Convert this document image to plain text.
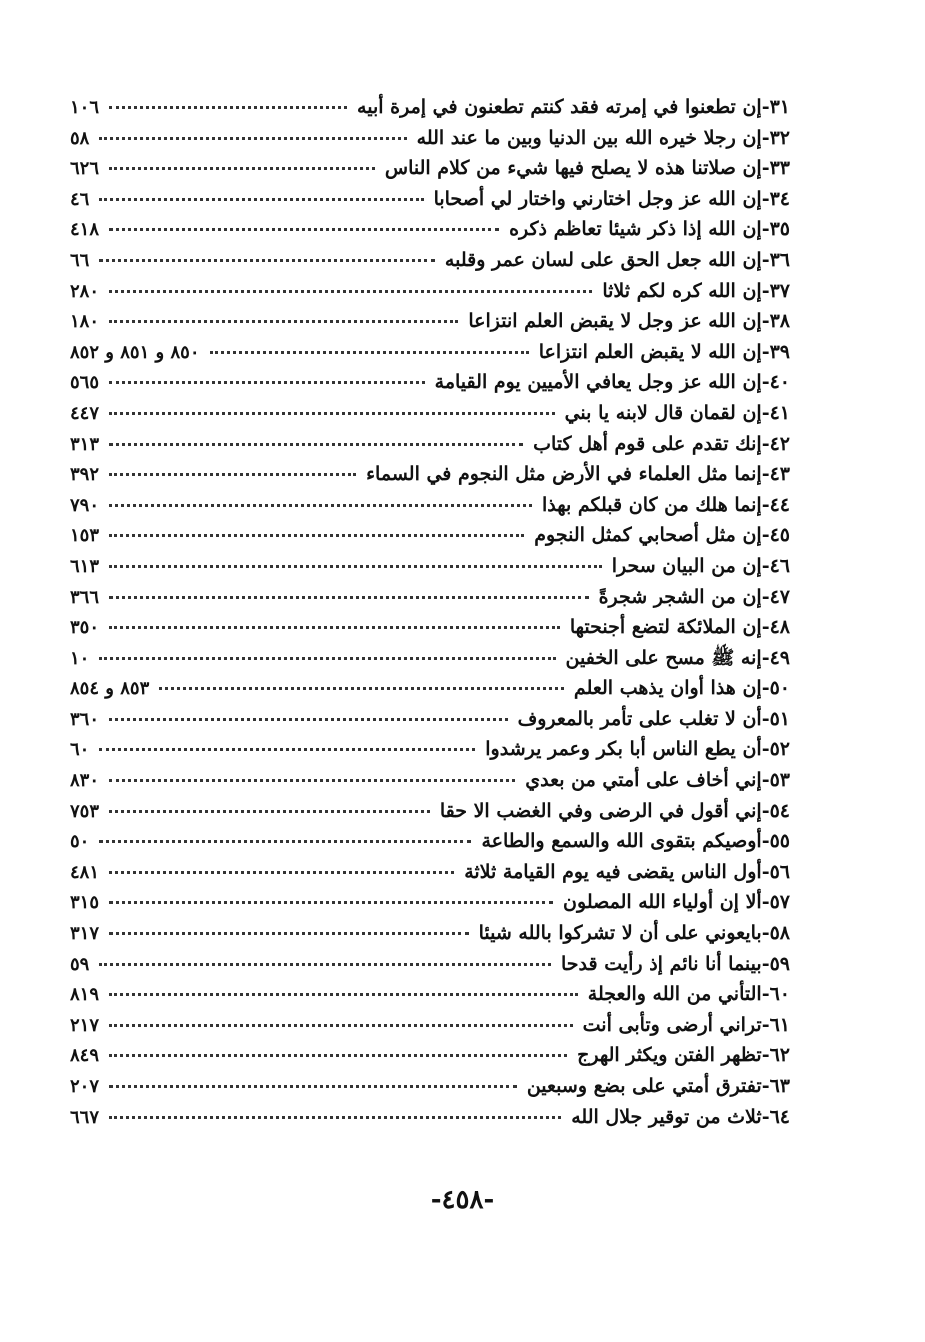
٣١-
إن تطعنوا في إمرته فقد كنتم تطعنون في إمرة أبيه
١٠٦
٣٢-
إن رجلا خيره الله بين الدنيا وبين ما عند الله
٥٨
٣٣-
إن صلاتنا هذه لا يصلح فيها شيء من كلام الناس
٦٢٦
٣٤-
إن الله عز وجل اختارني واختار لي أصحابا
٤٦
٣٥-
إن الله إذا ذكر شيئا تعاظم ذكره
٤١٨
٣٦-
إن الله جعل الحق على لسان عمر وقلبه
٦٦
٣٧-
إن الله كره لكم ثلاثا
٢٨٠
٣٨-
إن الله عز وجل لا يقبض العلم انتزاعا
١٨٠
٣٩-
إن الله لا يقبض العلم انتزاعا
٨٥٠ و ٨٥١ و ٨٥٢
٤٠-
إن الله عز وجل يعافي الأميين يوم القيامة
٥٦٥
٤١-
إن لقمان قال لابنه يا بني
٤٤٧
٤٢-
إنك تقدم على قوم أهل كتاب
٣١٣
٤٣-
إنما مثل العلماء في الأرض مثل النجوم في السماء
٣٩٢
٤٤-
إنما هلك من كان قبلكم بهذا
٧٩٠
٤٥-
إن مثل أصحابي كمثل النجوم
١٥٣
٤٦-
إن من البيان سحرا
٦١٣
٤٧-
إن من الشجر شجرةً
٣٦٦
٤٨-
إن الملائكة لتضع أجنحتها
٣٥٠
٤٩-
إنه ﷺ مسح على الخفين
١٠
٥٠-
إن هذا أوان يذهب العلم
٨٥٣ و ٨٥٤
٥١-
أن لا تغلب على تأمر بالمعروف
٣٦٠
٥٢-
أن يطع الناس أبا بكر وعمر يرشدوا
٦٠
٥٣-
إني أخاف على أمتي من بعدي
٨٣٠
٥٤-
إني أقول في الرضى وفي الغضب الا حقا
٧٥٣
٥٥-
أوصيكم بتقوى الله والسمع والطاعة
٥٠
٥٦-
أول الناس يقضى فيه يوم القيامة ثلاثة
٤٨١
٥٧-
ألا إن أولياء الله المصلون
٣١٥
٥٨-
بايعوني على أن لا تشركوا بالله شيئا
٣١٧
٥٩-
بينما أنا نائم إذ رأيت قدحا
٥٩
٦٠-
التأني من الله والعجلة
٨١٩
٦١-
تراني أرضى وتأبى أنت
٢١٧
٦٢-
تظهر الفتن ويكثر الهرج
٨٤٩
٦٣-
تفترق أمتي على بضع وسبعين
٢٠٧
٦٤-
ثلاث من توقير جلال الله
٦٦٧
-٤٥٨-
